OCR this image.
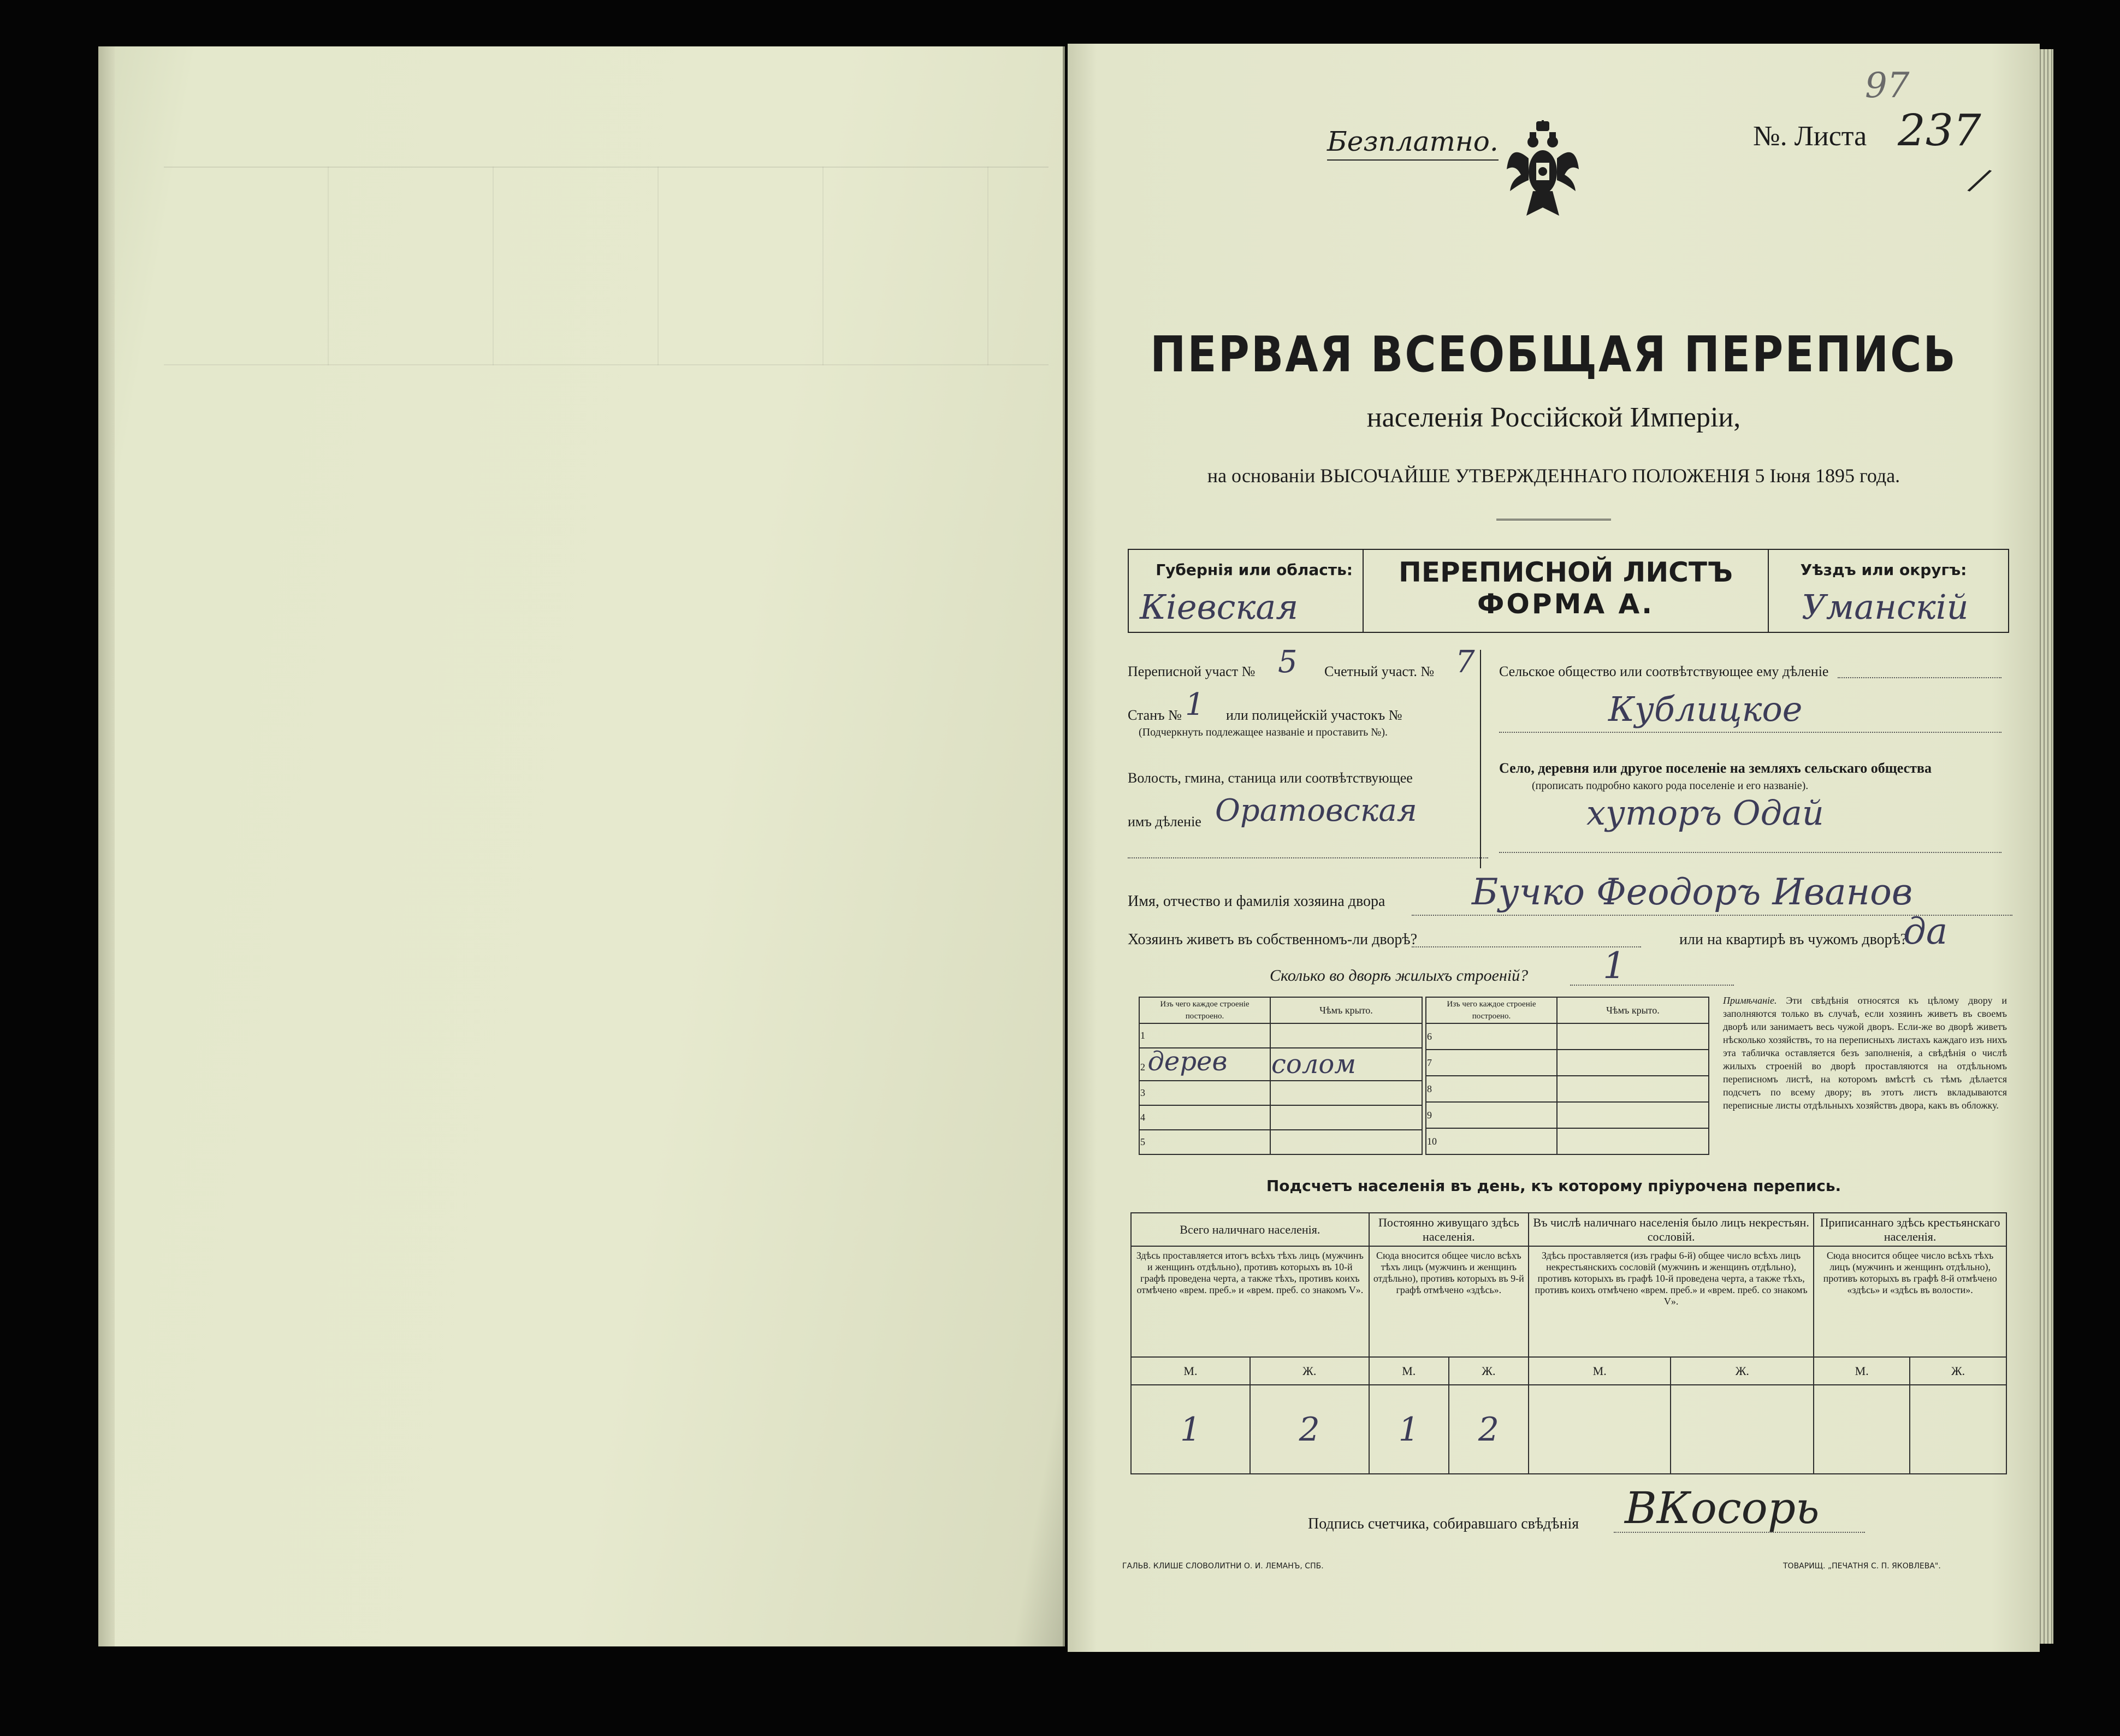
Безплатно.	№. Листа 237
/
97
ПЕРВАЯ ВСЕОБЩАЯ ПЕРЕПИСЬ
населенія Россійской Имперіи,
на основаніи ВЫСОЧАЙШЕ УТВЕРЖДЕННАГО ПОЛОЖЕНІЯ 5 Іюня 1895 года.
Губернія или область:
Кіевская
ПЕРЕПИСНОЙ ЛИСТЪ
ФОРМА А.
Уѣздъ или округъ:
Уманскій
Переписной участ № 5 Счетный участ. № 7
Станъ № 1 или полицейскій участокъ №
(Подчеркнуть подлежащее названіе и проставить №).
Волость, гмина, станица или соотвѣтствующее
имъ дѣленіе Оратовская
Сельское общество или соотвѣтствующее ему дѣленіе
Кублицкое
Село, деревня или другое поселеніе на земляхъ сельскаго общества
(прописать подробно какого рода поселеніе и его названіе).
хуторъ Одай
Имя, отчество и фамилія хозяина двора Бучко Феодоръ Иванов
Хозяинъ живетъ въ собственномъ-ли дворѣ?	или на квартирѣ въ чужомъ дворѣ?
да
Сколько во дворѣ жилыхъ строеній? 1
Изъ чего каждое строеніе построено.	Чѣмъ крыто.
1	
2 дерев	солом
3	
4	
5	
Изъ чего каждое строеніе построено.	Чѣмъ крыто.
6	
7	
8	
9	
10	
Примѣчаніе. Эти свѣдѣнія относятся къ цѣлому двору и заполняются только въ случаѣ, если хозяинъ живетъ въ своемъ дворѣ или занимаетъ весь чужой дворъ. Если-же во дворѣ живетъ нѣсколько хозяйствъ, то на переписныхъ листахъ каждаго изъ нихъ эта табличка оставляется безъ заполненія, а свѣдѣнія о числѣ жилыхъ строеній во дворѣ проставляются на отдѣльномъ переписномъ листѣ, на которомъ вмѣстѣ съ тѣмъ дѣлается подсчетъ по всему двору; въ этотъ листъ вкладываются переписные листы отдѣльныхъ хозяйствъ двора, какъ въ обложку.
Подсчетъ населенія въ день, къ которому пріурочена перепись.
Всего наличнаго населенія.		Постоянно живущаго здѣсь населенія.		Въ числѣ наличнаго населенія было лицъ некрестьян. сословій.		Приписаннаго здѣсь крестьянскаго населенія.	
Здѣсь проставляется итогъ всѣхъ тѣхъ лицъ (мужчинъ и женщинъ отдѣльно), противъ которыхъ въ 10-й графѣ проведена черта, а также тѣхъ, противъ коихъ отмѣчено «врем. преб.» и «врем. преб. со знакомъ V».		Сюда вносится общее число всѣхъ тѣхъ лицъ (мужчинъ и женщинъ отдѣльно), противъ которыхъ въ 9-й графѣ отмѣчено «здѣсь».		Здѣсь проставляется (изъ графы 6-й) общее число всѣхъ лицъ некрестьянскихъ сословій (мужчинъ и женщинъ отдѣльно), противъ которыхъ въ графѣ 10-й проведена черта, а также тѣхъ, противъ коихъ отмѣчено «врем. преб.» и «врем. преб. со знакомъ V».		Сюда вносится общее число всѣхъ тѣхъ лицъ (мужчинъ и женщинъ отдѣльно), противъ которыхъ въ графѣ 8-й отмѣчено «здѣсь» и «здѣсь въ волости».	
М.	Ж.	М.	Ж.	М.	Ж.	М.	Ж.
1	2	1	2				
Подпись счетчика, собиравшаго свѣдѣнія ВКосорь
ГАЛЬВ. КЛИШЕ СЛОВОЛИТНИ О. И. ЛЕМАНЪ, СПБ.	ТОВАРИЩ. „ПЕЧАТНЯ С. П. ЯКОВЛЕВА".
